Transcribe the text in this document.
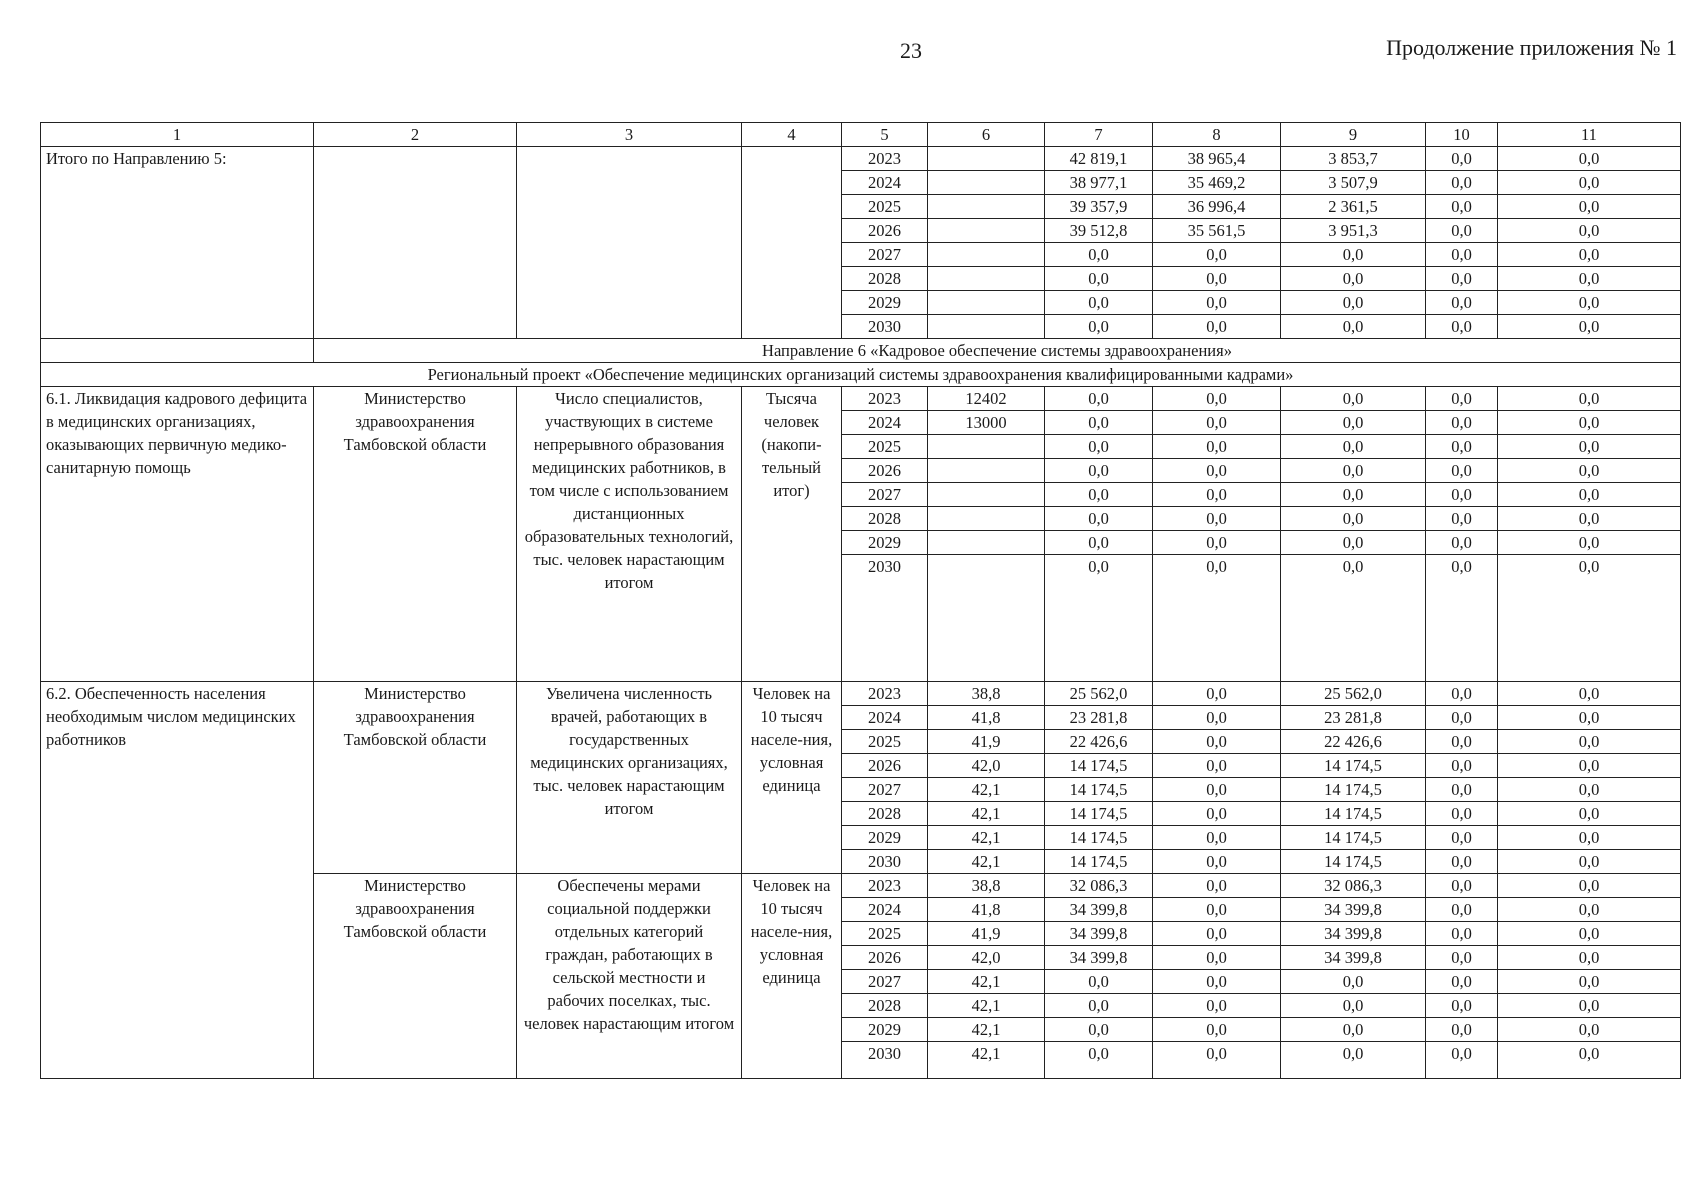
23	Продолжение приложения № 1
1	2	3	4	5	6	7	8	9	10	11
Итого по Направлению 5:				2023		42 819,1	38 965,4	3 853,7	0,0	0,0
				2024		38 977,1	35 469,2	3 507,9	0,0	0,0
				2025		39 357,9	36 996,4	2 361,5	0,0	0,0
				2026		39 512,8	35 561,5	3 951,3	0,0	0,0
				2027		0,0	0,0	0,0	0,0	0,0
				2028		0,0	0,0	0,0	0,0	0,0
				2029		0,0	0,0	0,0	0,0	0,0
				2030		0,0	0,0	0,0	0,0	0,0
	Направление 6 «Кадровое обеспечение системы здравоохранения»									
Региональный проект «Обеспечение медицинских организаций системы здравоохранения квалифицированными кадрами»										
6.1. Ликвидация кадрового дефицита в медицинских организациях, оказывающих первичную медико-санитарную помощь	Министерство здравоохранения Тамбовской области	Число специалистов, участвующих в системе непрерывного образования медицинских работников, в том числе с использованием дистанционных образовательных технологий, тыс. человек нарастающим итогом	Тысяча человек (накопи-тельный итог)	2023	12402	0,0	0,0	0,0	0,0	0,0
				2024	13000	0,0	0,0	0,0	0,0	0,0
				2025		0,0	0,0	0,0	0,0	0,0
				2026		0,0	0,0	0,0	0,0	0,0
				2027		0,0	0,0	0,0	0,0	0,0
				2028		0,0	0,0	0,0	0,0	0,0
				2029		0,0	0,0	0,0	0,0	0,0
				2030		0,0	0,0	0,0	0,0	0,0
6.2. Обеспеченность населения необходимым числом медицинских работников	Министерство здравоохранения Тамбовской области	Увеличена численность врачей, работающих в государственных медицинских организациях, тыс. человек нарастающим итогом	Человек на 10 тысяч населе-ния, условная единица	2023	38,8	25 562,0	0,0	25 562,0	0,0	0,0
				2024	41,8	23 281,8	0,0	23 281,8	0,0	0,0
				2025	41,9	22 426,6	0,0	22 426,6	0,0	0,0
				2026	42,0	14 174,5	0,0	14 174,5	0,0	0,0
				2027	42,1	14 174,5	0,0	14 174,5	0,0	0,0
				2028	42,1	14 174,5	0,0	14 174,5	0,0	0,0
				2029	42,1	14 174,5	0,0	14 174,5	0,0	0,0
				2030	42,1	14 174,5	0,0	14 174,5	0,0	0,0
	Министерство здравоохранения Тамбовской области	Обеспечены мерами социальной поддержки отдельных категорий граждан, работающих в сельской местности и рабочих поселках, тыс. человек нарастающим итогом	Человек на 10 тысяч населе-ния, условная единица	2023	38,8	32 086,3	0,0	32 086,3	0,0	0,0
				2024	41,8	34 399,8	0,0	34 399,8	0,0	0,0
				2025	41,9	34 399,8	0,0	34 399,8	0,0	0,0
				2026	42,0	34 399,8	0,0	34 399,8	0,0	0,0
				2027	42,1	0,0	0,0	0,0	0,0	0,0
				2028	42,1	0,0	0,0	0,0	0,0	0,0
				2029	42,1	0,0	0,0	0,0	0,0	0,0
				2030	42,1	0,0	0,0	0,0	0,0	0,0
